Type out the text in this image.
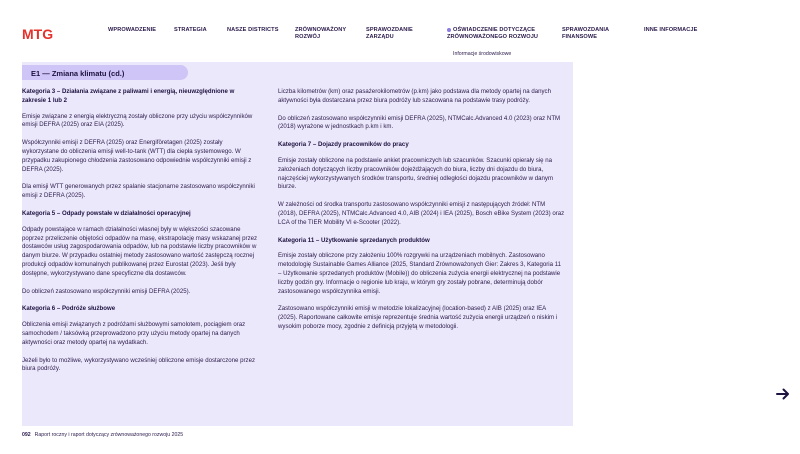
MTG	WPROWADZENIE	STRATEGIA	NASZE DISTRICTS	ZRÓWNOWAŻONY ROZWÓJ
SPRAWOZDANIE ZARZĄDU
OŚWIADCZENIE DOTYCZĄCE ZRÓWNOWAŻONEGO ROZWOJU
Informacje środowiskowe
SPRAWOZDANIA FINANSOWE
INNE INFORMACJE
E1 — Zmiana klimatu (cd.)
Kategoria 3 – Działania związane z paliwami i energią, nieuwzględnione w zakresie 1 lub 2

Emisje związane z energią elektryczną zostały obliczone przy użyciu współczynników emisji DEFRA (2025) oraz EIA (2025).

Współczynniki emisji z DEFRA (2025) oraz Energiföretagen (2025) zostały wykorzystane do obliczenia emisji well-to-tank (WTT) dla ciepła systemowego. W przypadku zakupionego chłodzenia zastosowano odpowiednie współczynniki emisji z DEFRA (2025).

Dla emisji WTT generowanych przez spalanie stacjonarne zastosowano współczynniki emisji z DEFRA (2025).

Kategoria 5 – Odpady powstałe w działalności operacyjnej

Odpady powstające w ramach działalności własnej były w większości szacowane poprzez przeliczenie objętości odpadów na masę, ekstrapolację masy wskazanej przez dostawców usług zagospodarowania odpadów, lub na podstawie liczby pracowników w danym biurze. W przypadku ostatniej metody zastosowano wartość zastępczą rocznej produkcji odpadów komunalnych publikowanej przez Eurostat (2023). Jeśli były dostępne, wykorzystywano dane specyficzne dla dostawców.

Do obliczeń zastosowano współczynniki emisji DEFRA (2025).

Kategoria 6 – Podróże służbowe

Obliczenia emisji związanych z podróżami służbowymi samolotem, pociągiem oraz samochodem / taksówką przeprowadzono przy użyciu metody opartej na danych aktywności oraz metody opartej na wydatkach.

Jeżeli było to możliwe, wykorzystywano wcześniej obliczone emisje dostarczone przez biura podróży.

Liczba kilometrów (km) oraz pasażerokilometrów (p.km) jako podstawa dla metody opartej na danych aktywności była dostarczana przez biura podróży lub szacowana na podstawie trasy podróży.

Do obliczeń zastosowano współczynniki emisji DEFRA (2025), NTMCalc.Advanced 4.0 (2023) oraz NTM (2018) wyrażone w jednostkach p.km i km.

Kategoria 7 – Dojazdy pracowników do pracy

Emisje zostały obliczone na podstawie ankiet pracowniczych lub szacunków. Szacunki opierały się na założeniach dotyczących liczby pracowników dojeżdżających do biura, liczby dni dojazdu do biura, najczęściej wykorzystywanych środków transportu, średniej odległości dojazdu pracowników w danym biurze.

W zależności od środka transportu zastosowano współczynniki emisji z następujących źródeł: NTM (2018), DEFRA (2025), NTMCalc.Advanced 4.0, AIB (2024) i IEA (2025), Bosch eBike System (2023) oraz LCA of the TIER Mobility VI e-Scooter (2022).

Kategoria 11 – Użytkowanie sprzedanych produktów

Emisje zostały obliczone przy założeniu 100% rozgrywki na urządzeniach mobilnych. Zastosowano metodologię Sustainable Games Alliance (2025, Standard Zrównoważonych Gier: Zakres 3, Kategoria 11 – Użytkowanie sprzedanych produktów (Mobile)) do obliczenia zużycia energii elektrycznej na podstawie liczby godzin gry. Informacje o regionie lub kraju, w którym gry zostały pobrane, determinują dobór zastosowanego współczynnika emisji.

Zastosowano współczynniki emisji w metodzie lokalizacyjnej (location-based) z AIB (2025) oraz IEA (2025). Raportowane całkowite emisje reprezentuje średnia wartość zużycia energii urządzeń o niskim i wysokim poborze mocy, zgodnie z definicją przyjętą w metodologii.

092 Raport roczny i raport dotyczący zrównoważonego rozwoju 2025
